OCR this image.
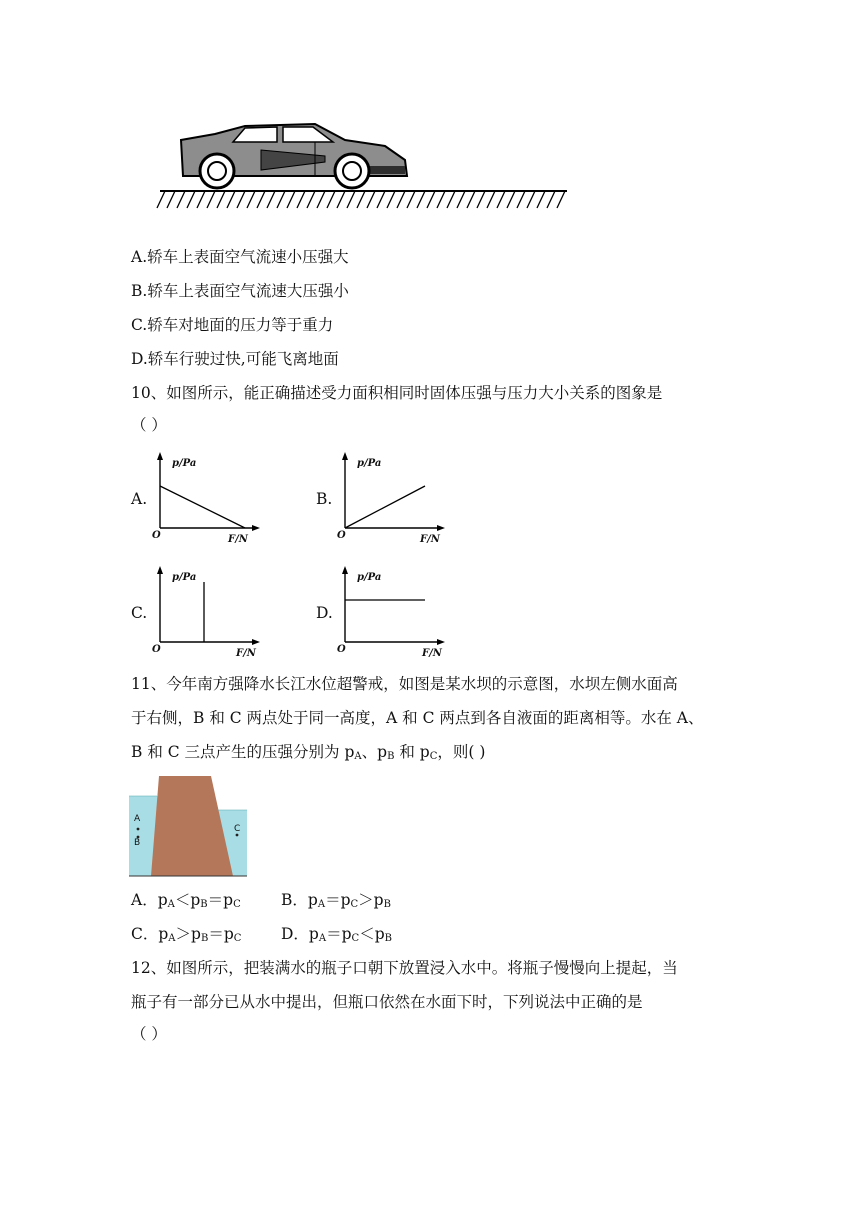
A.轿车上表面空气流速小压强大
B.轿车上表面空气流速大压强小
C.轿车对地面的压力等于重力
D.轿车行驶过快,可能飞离地面
10、如图所示，能正确描述受力面积相同时固体压强与压力大小关系的图象是
（ ）
A.
p/Pa
F/N
O
B.
p/Pa
F/N
O
C.
p/Pa
F/N
O
D.
p/Pa
F/N
O
11、今年南方强降水长江水位超警戒，如图是某水坝的示意图，水坝左侧水面高
于右侧，B 和 C 两点处于同一高度，A 和 C 两点到各自液面的距离相等。水在 A、
B 和 C 三点产生的压强分别为 $p_A$、$p_B$ 和 $p_C$，则( )
A
B
C
A．$p_A<p_B=p_C$	B．$p_A=p_C>p_B$
C．$p_A>p_B=p_C$	D．$p_A=p_C<p_B$
12、如图所示，把装满水的瓶子口朝下放置浸入水中。将瓶子慢慢向上提起，当
瓶子有一部分已从水中提出，但瓶口依然在水面下时，下列说法中正确的是
（ ）
